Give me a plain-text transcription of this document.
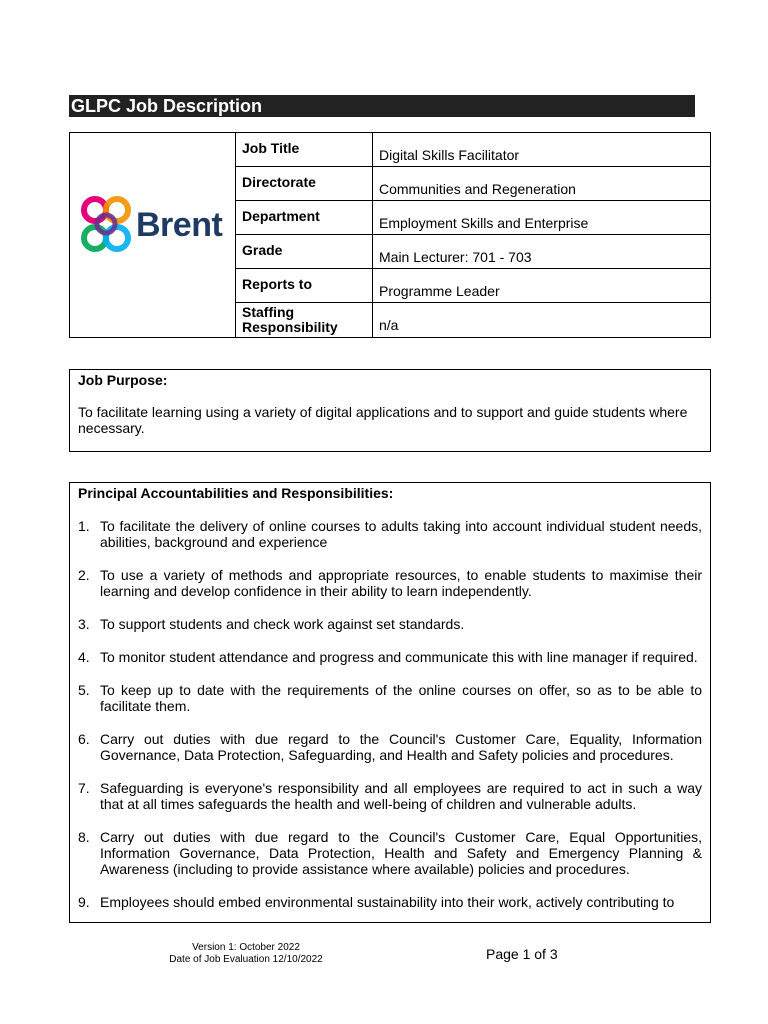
GLPC Job Description
Brent
Job Title	Digital Skills Facilitator
Directorate	Communities and Regeneration
Department	Employment Skills and Enterprise
Grade	Main Lecturer: 701 - 703
Reports to	Programme Leader
Staffing Responsibility	n/a
Job Purpose:
To facilitate learning using a variety of digital applications and to support and guide students where necessary.
Principal Accountabilities and Responsibilities:
1. To facilitate the delivery of online courses to adults taking into account individual student needs, abilities, background and experience
2. To use a variety of methods and appropriate resources, to enable students to maximise their learning and develop confidence in their ability to learn independently.
3. To support students and check work against set standards.
4. To monitor student attendance and progress and communicate this with line manager if required.
5. To keep up to date with the requirements of the online courses on offer, so as to be able to facilitate them.
6. Carry out duties with due regard to the Council's Customer Care, Equality, Information Governance, Data Protection, Safeguarding, and Health and Safety policies and procedures.
7. Safeguarding is everyone's responsibility and all employees are required to act in such a way that at all times safeguards the health and well-being of children and vulnerable adults.
8. Carry out duties with due regard to the Council's Customer Care, Equal Opportunities, Information Governance, Data Protection, Health and Safety and Emergency Planning & Awareness (including to provide assistance where available) policies and procedures.
9. Employees should embed environmental sustainability into their work, actively contributing to
Version 1: October 2022
Date of Job Evaluation 12/10/2022	Page 1 of 3
